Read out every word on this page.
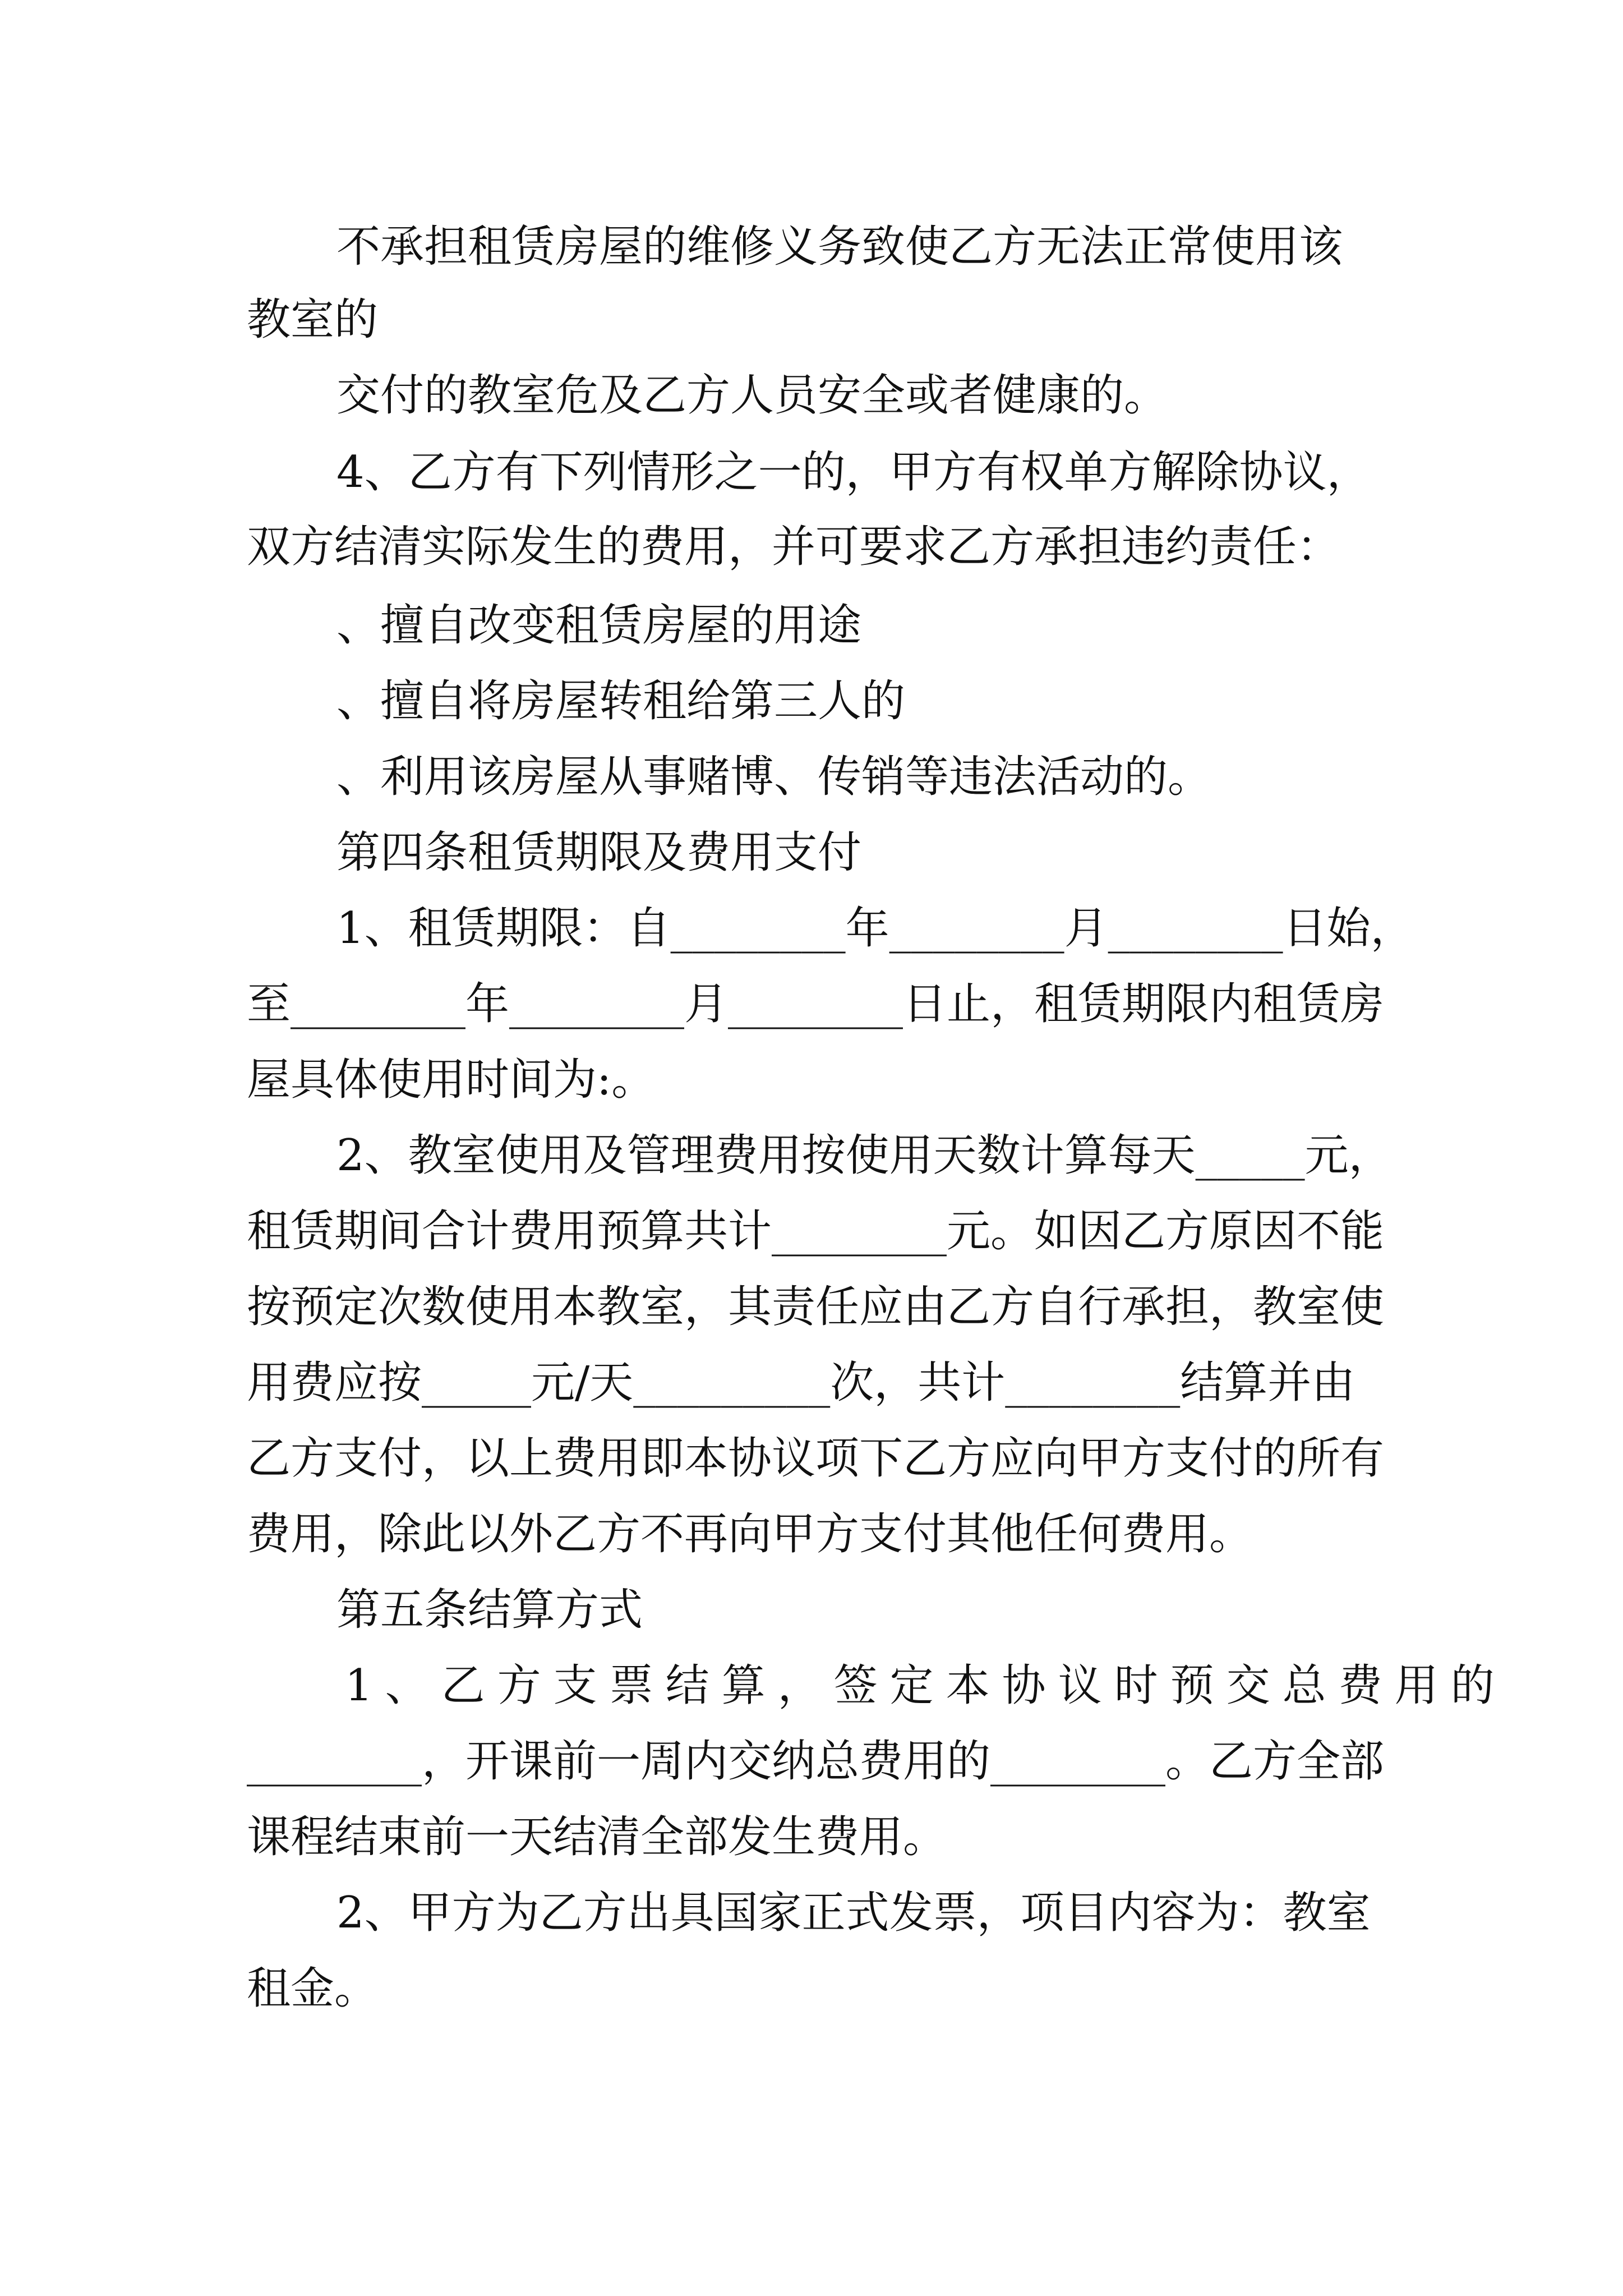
不承担租赁房屋的维修义务致使乙方无法正常使用该
教室的
交付的教室危及乙方人员安全或者健康的。
4、乙方有下列情形之一的，甲方有权单方解除协议，
双方结清实际发生的费用，并可要求乙方承担违约责任：
、擅自改变租赁房屋的用途
、擅自将房屋转租给第三人的
、利用该房屋从事赌博、传销等违法活动的。
第四条租赁期限及费用支付
1、租赁期限：自________年________月________日始，
至________年________月________日止，租赁期限内租赁房
屋具体使用时间为:。
2、教室使用及管理费用按使用天数计算每天_____元，
租赁期间合计费用预算共计________元。如因乙方原因不能
按预定次数使用本教室，其责任应由乙方自行承担，教室使
用费应按_____元/天_________次，共计________结算并由
乙方支付，以上费用即本协议项下乙方应向甲方支付的所有
费用，除此以外乙方不再向甲方支付其他任何费用。
第五条结算方式
1、乙方支票结算，签定本协议时预交总费用的
________，开课前一周内交纳总费用的________。乙方全部
课程结束前一天结清全部发生费用。
2、甲方为乙方出具国家正式发票，项目内容为：教室
租金。
